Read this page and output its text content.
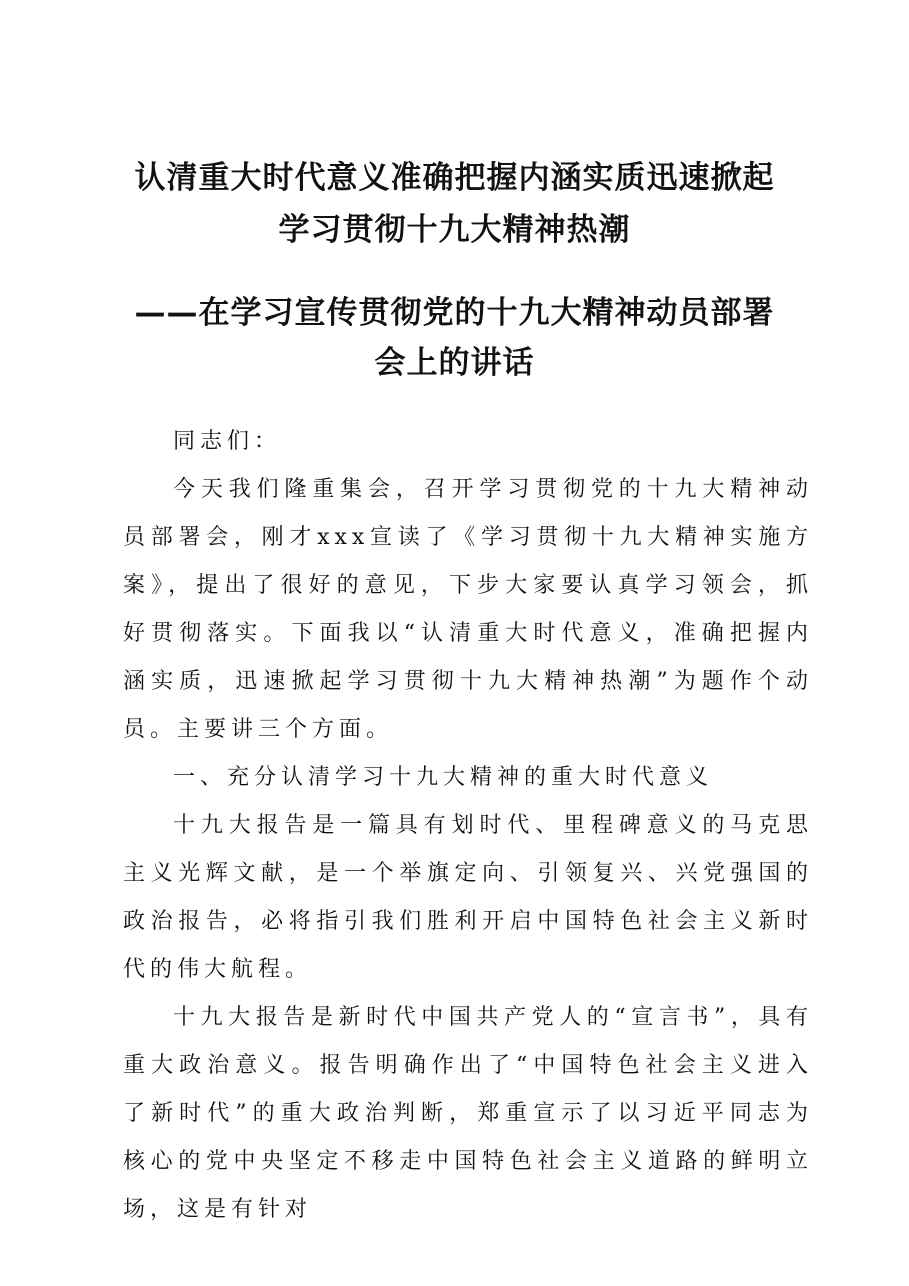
认清重大时代意义准确把握内涵实质迅速掀起

学习贯彻十九大精神热潮

——在学习宣传贯彻党的十九大精神动员部署

会上的讲话

同志们：

今天我们隆重集会，召开学习贯彻党的十九大精神动员部署会，刚才xxx宣读了《学习贯彻十九大精神实施方案》，提出了很好的意见，下步大家要认真学习领会，抓好贯彻落实。下面我以“认清重大时代意义，准确把握内涵实质，迅速掀起学习贯彻十九大精神热潮”为题作个动员。主要讲三个方面。

一、充分认清学习十九大精神的重大时代意义

十九大报告是一篇具有划时代、里程碑意义的马克思主义光辉文献，是一个举旗定向、引领复兴、兴党强国的政治报告，必将指引我们胜利开启中国特色社会主义新时代的伟大航程。

十九大报告是新时代中国共产党人的“宣言书”，具有重大政治意义。报告明确作出了“中国特色社会主义进入了新时代”的重大政治判断，郑重宣示了以习近平同志为核心的党中央坚定不移走中国特色社会主义道路的鲜明立场，这是有针对
